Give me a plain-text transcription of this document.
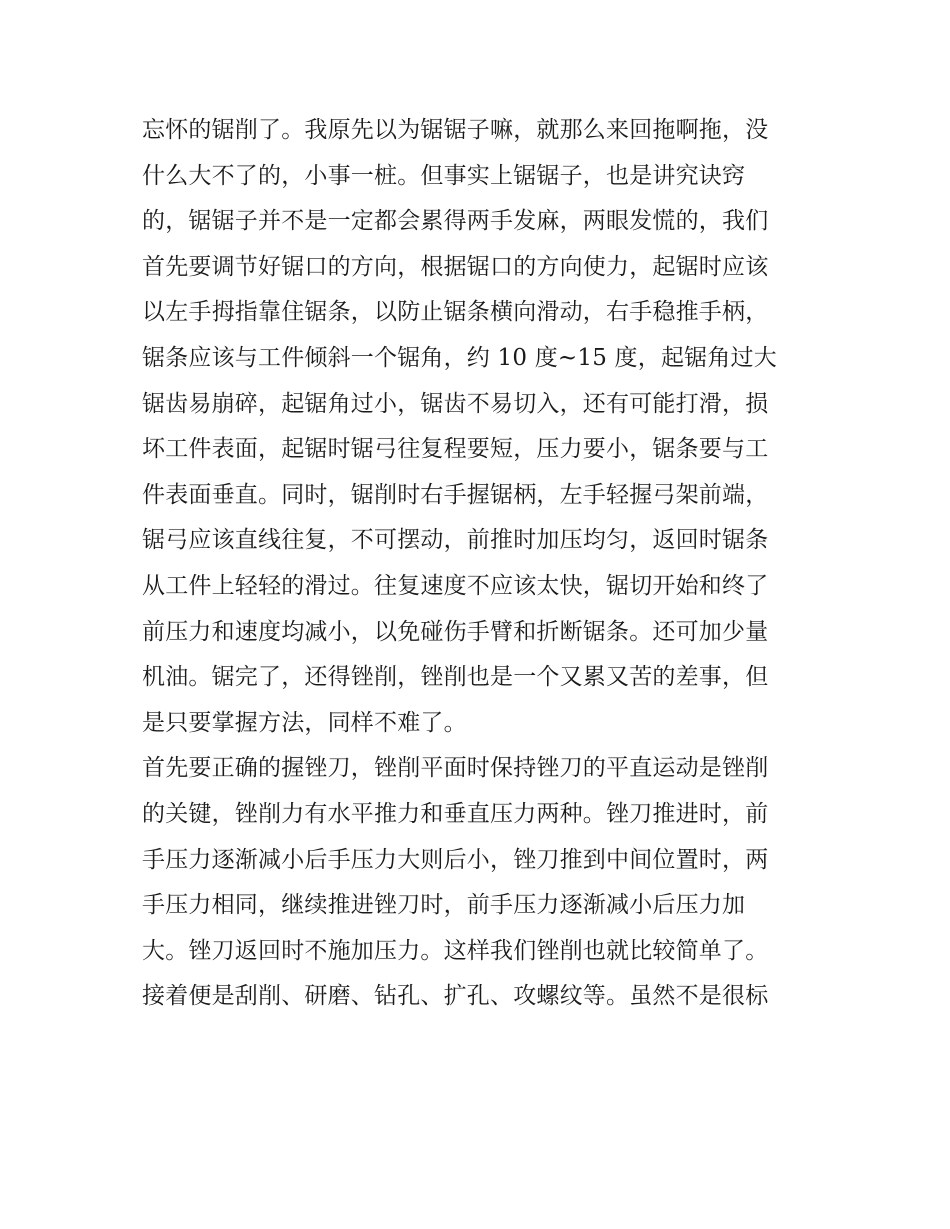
忘怀的锯削了。我原先以为锯锯子嘛，就那么来回拖啊拖，没
什么大不了的，小事一桩。但事实上锯锯子，也是讲究诀窍
的，锯锯子并不是一定都会累得两手发麻，两眼发慌的，我们
首先要调节好锯口的方向，根据锯口的方向使力，起锯时应该
以左手拇指靠住锯条，以防止锯条横向滑动，右手稳推手柄，
锯条应该与工件倾斜一个锯角，约 10 度~15 度，起锯角过大
锯齿易崩碎，起锯角过小，锯齿不易切入，还有可能打滑，损
坏工件表面，起锯时锯弓往复程要短，压力要小，锯条要与工
件表面垂直。同时，锯削时右手握锯柄，左手轻握弓架前端，
锯弓应该直线往复，不可摆动，前推时加压均匀，返回时锯条
从工件上轻轻的滑过。往复速度不应该太快，锯切开始和终了
前压力和速度均减小，以免碰伤手臂和折断锯条。还可加少量
机油。锯完了，还得锉削，锉削也是一个又累又苦的差事，但
是只要掌握方法，同样不难了。
首先要正确的握锉刀，锉削平面时保持锉刀的平直运动是锉削
的关键，锉削力有水平推力和垂直压力两种。锉刀推进时，前
手压力逐渐减小后手压力大则后小，锉刀推到中间位置时，两
手压力相同，继续推进锉刀时，前手压力逐渐减小后压力加
大。锉刀返回时不施加压力。这样我们锉削也就比较简单了。
接着便是刮削、研磨、钻孔、扩孔、攻螺纹等。虽然不是很标
